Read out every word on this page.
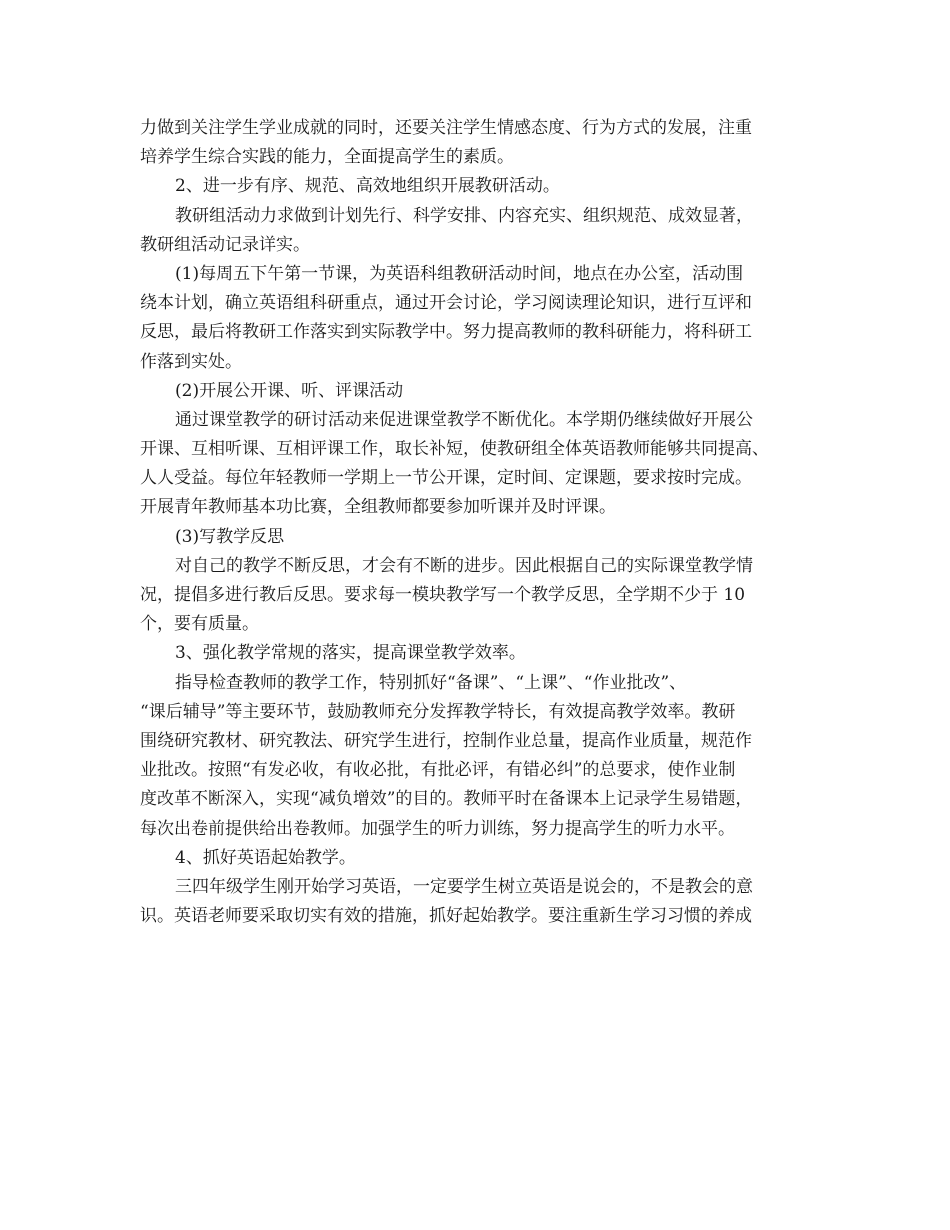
力做到关注学生学业成就的同时，还要关注学生情感态度、行为方式的发展，注重
培养学生综合实践的能力，全面提高学生的素质。
2、进一步有序、规范、高效地组织开展教研活动。
教研组活动力求做到计划先行、科学安排、内容充实、组织规范、成效显著，
教研组活动记录详实。
(1)每周五下午第一节课，为英语科组教研活动时间，地点在办公室，活动围
绕本计划，确立英语组科研重点，通过开会讨论，学习阅读理论知识，进行互评和
反思，最后将教研工作落实到实际教学中。努力提高教师的教科研能力，将科研工
作落到实处。
(2)开展公开课、听、评课活动
通过课堂教学的研讨活动来促进课堂教学不断优化。本学期仍继续做好开展公
开课、互相听课、互相评课工作，取长补短，使教研组全体英语教师能够共同提高、
人人受益。每位年轻教师一学期上一节公开课，定时间、定课题，要求按时完成。
开展青年教师基本功比赛，全组教师都要参加听课并及时评课。
(3)写教学反思
对自己的教学不断反思，才会有不断的进步。因此根据自己的实际课堂教学情
况，提倡多进行教后反思。要求每一模块教学写一个教学反思，全学期不少于 10
个，要有质量。
3、强化教学常规的落实，提高课堂教学效率。
指导检查教师的教学工作，特别抓好“备课”、“上课”、“作业批改”、
“课后辅导”等主要环节，鼓励教师充分发挥教学特长，有效提高教学效率。教研
围绕研究教材、研究教法、研究学生进行，控制作业总量，提高作业质量，规范作
业批改。按照“有发必收，有收必批，有批必评，有错必纠”的总要求，使作业制
度改革不断深入，实现“减负增效”的目的。教师平时在备课本上记录学生易错题，
每次出卷前提供给出卷教师。加强学生的听力训练，努力提高学生的听力水平。
4、抓好英语起始教学。
三四年级学生刚开始学习英语，一定要学生树立英语是说会的，不是教会的意
识。英语老师要采取切实有效的措施，抓好起始教学。要注重新生学习习惯的养成
